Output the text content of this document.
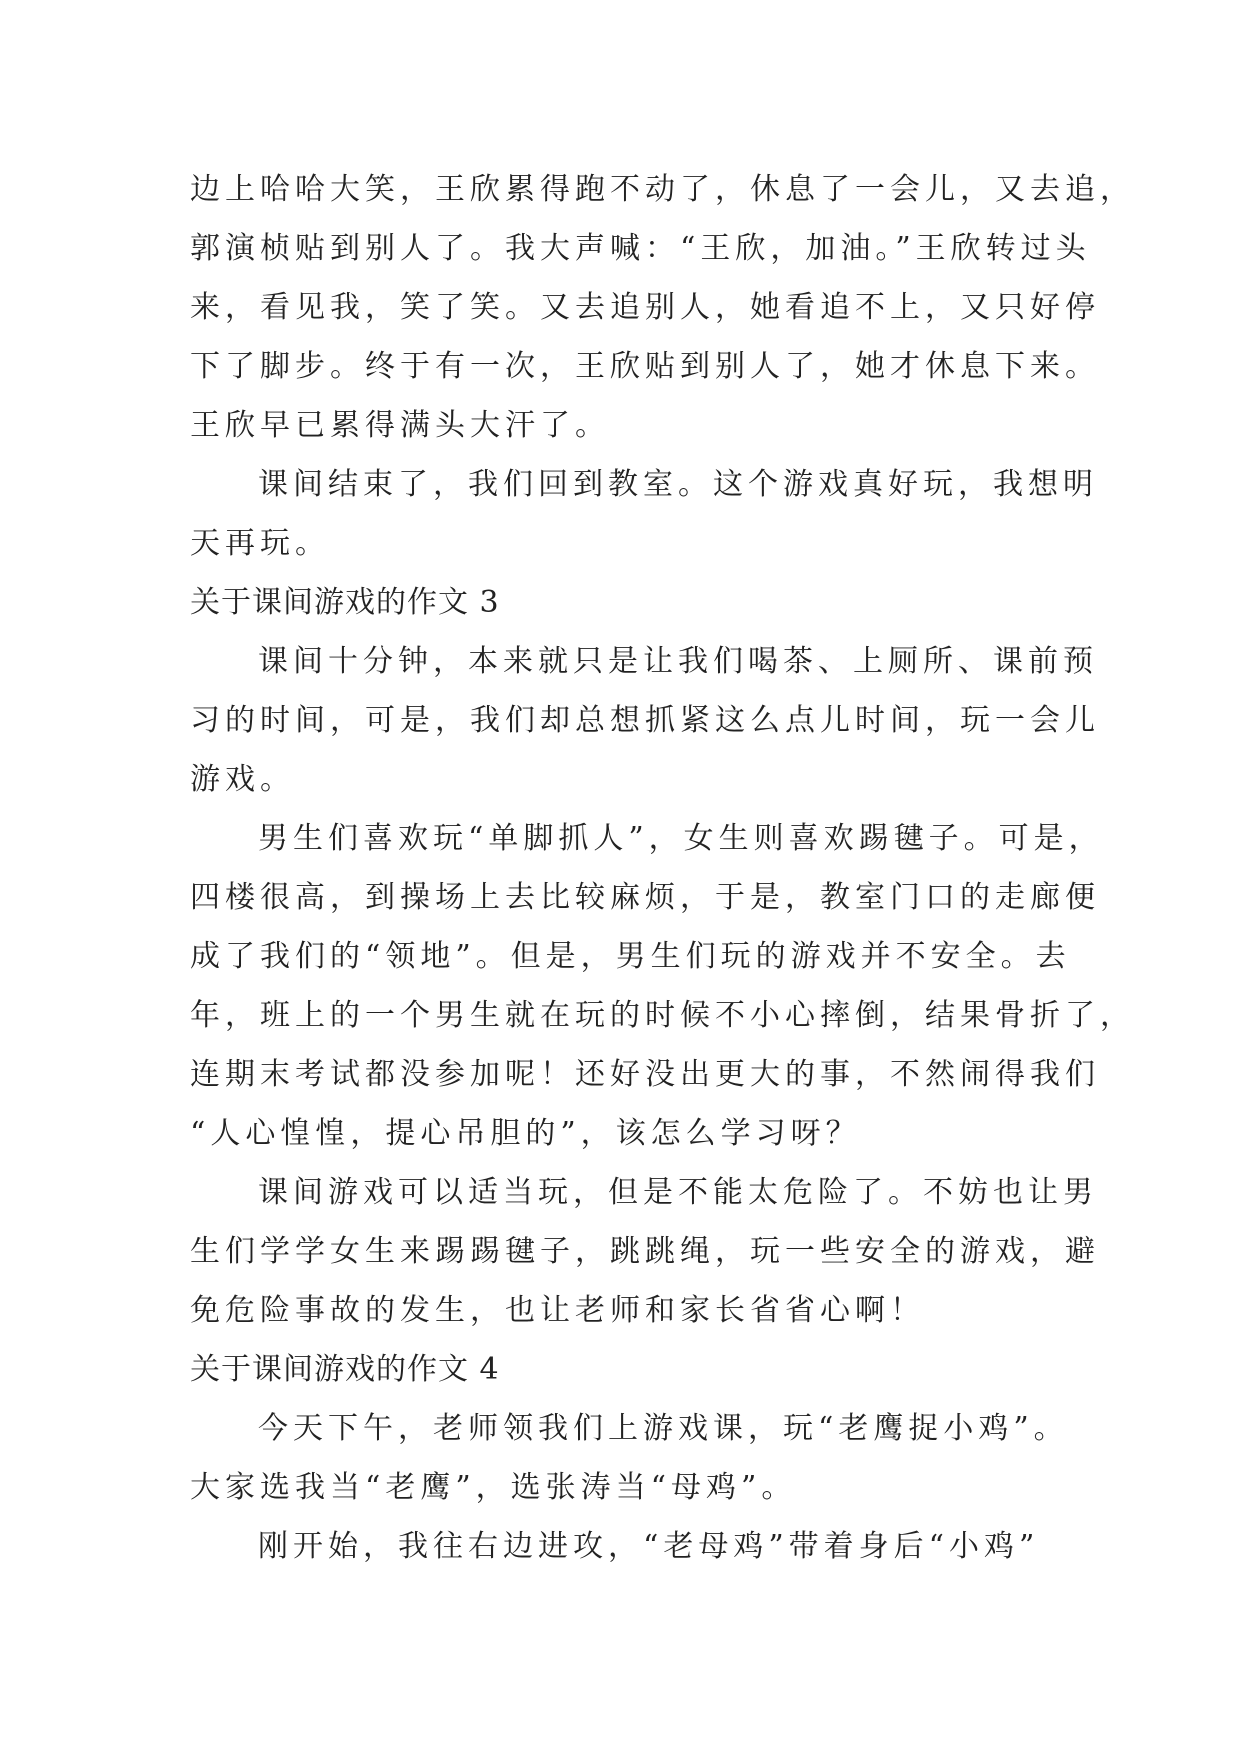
边上哈哈大笑，王欣累得跑不动了，休息了一会儿，又去追，
郭演桢贴到别人了。我大声喊：“王欣，加油。”王欣转过头
来，看见我，笑了笑。又去追别人，她看追不上，又只好停
下了脚步。终于有一次，王欣贴到别人了，她才休息下来。
王欣早已累得满头大汗了。
课间结束了，我们回到教室。这个游戏真好玩，我想明
天再玩。
关于课间游戏的作文 3
课间十分钟，本来就只是让我们喝茶、上厕所、课前预
习的时间，可是，我们却总想抓紧这么点儿时间，玩一会儿
游戏。
男生们喜欢玩“单脚抓人”，女生则喜欢踢毽子。可是，
四楼很高，到操场上去比较麻烦，于是，教室门口的走廊便
成了我们的“领地”。但是，男生们玩的游戏并不安全。去
年，班上的一个男生就在玩的时候不小心摔倒，结果骨折了，
连期末考试都没参加呢！还好没出更大的事，不然闹得我们
“人心惶惶，提心吊胆的”，该怎么学习呀？
课间游戏可以适当玩，但是不能太危险了。不妨也让男
生们学学女生来踢踢毽子，跳跳绳，玩一些安全的游戏，避
免危险事故的发生，也让老师和家长省省心啊！
关于课间游戏的作文 4
今天下午，老师领我们上游戏课，玩“老鹰捉小鸡”。
大家选我当“老鹰”，选张涛当“母鸡”。
刚开始，我往右边进攻，“老母鸡”带着身后“小鸡”
